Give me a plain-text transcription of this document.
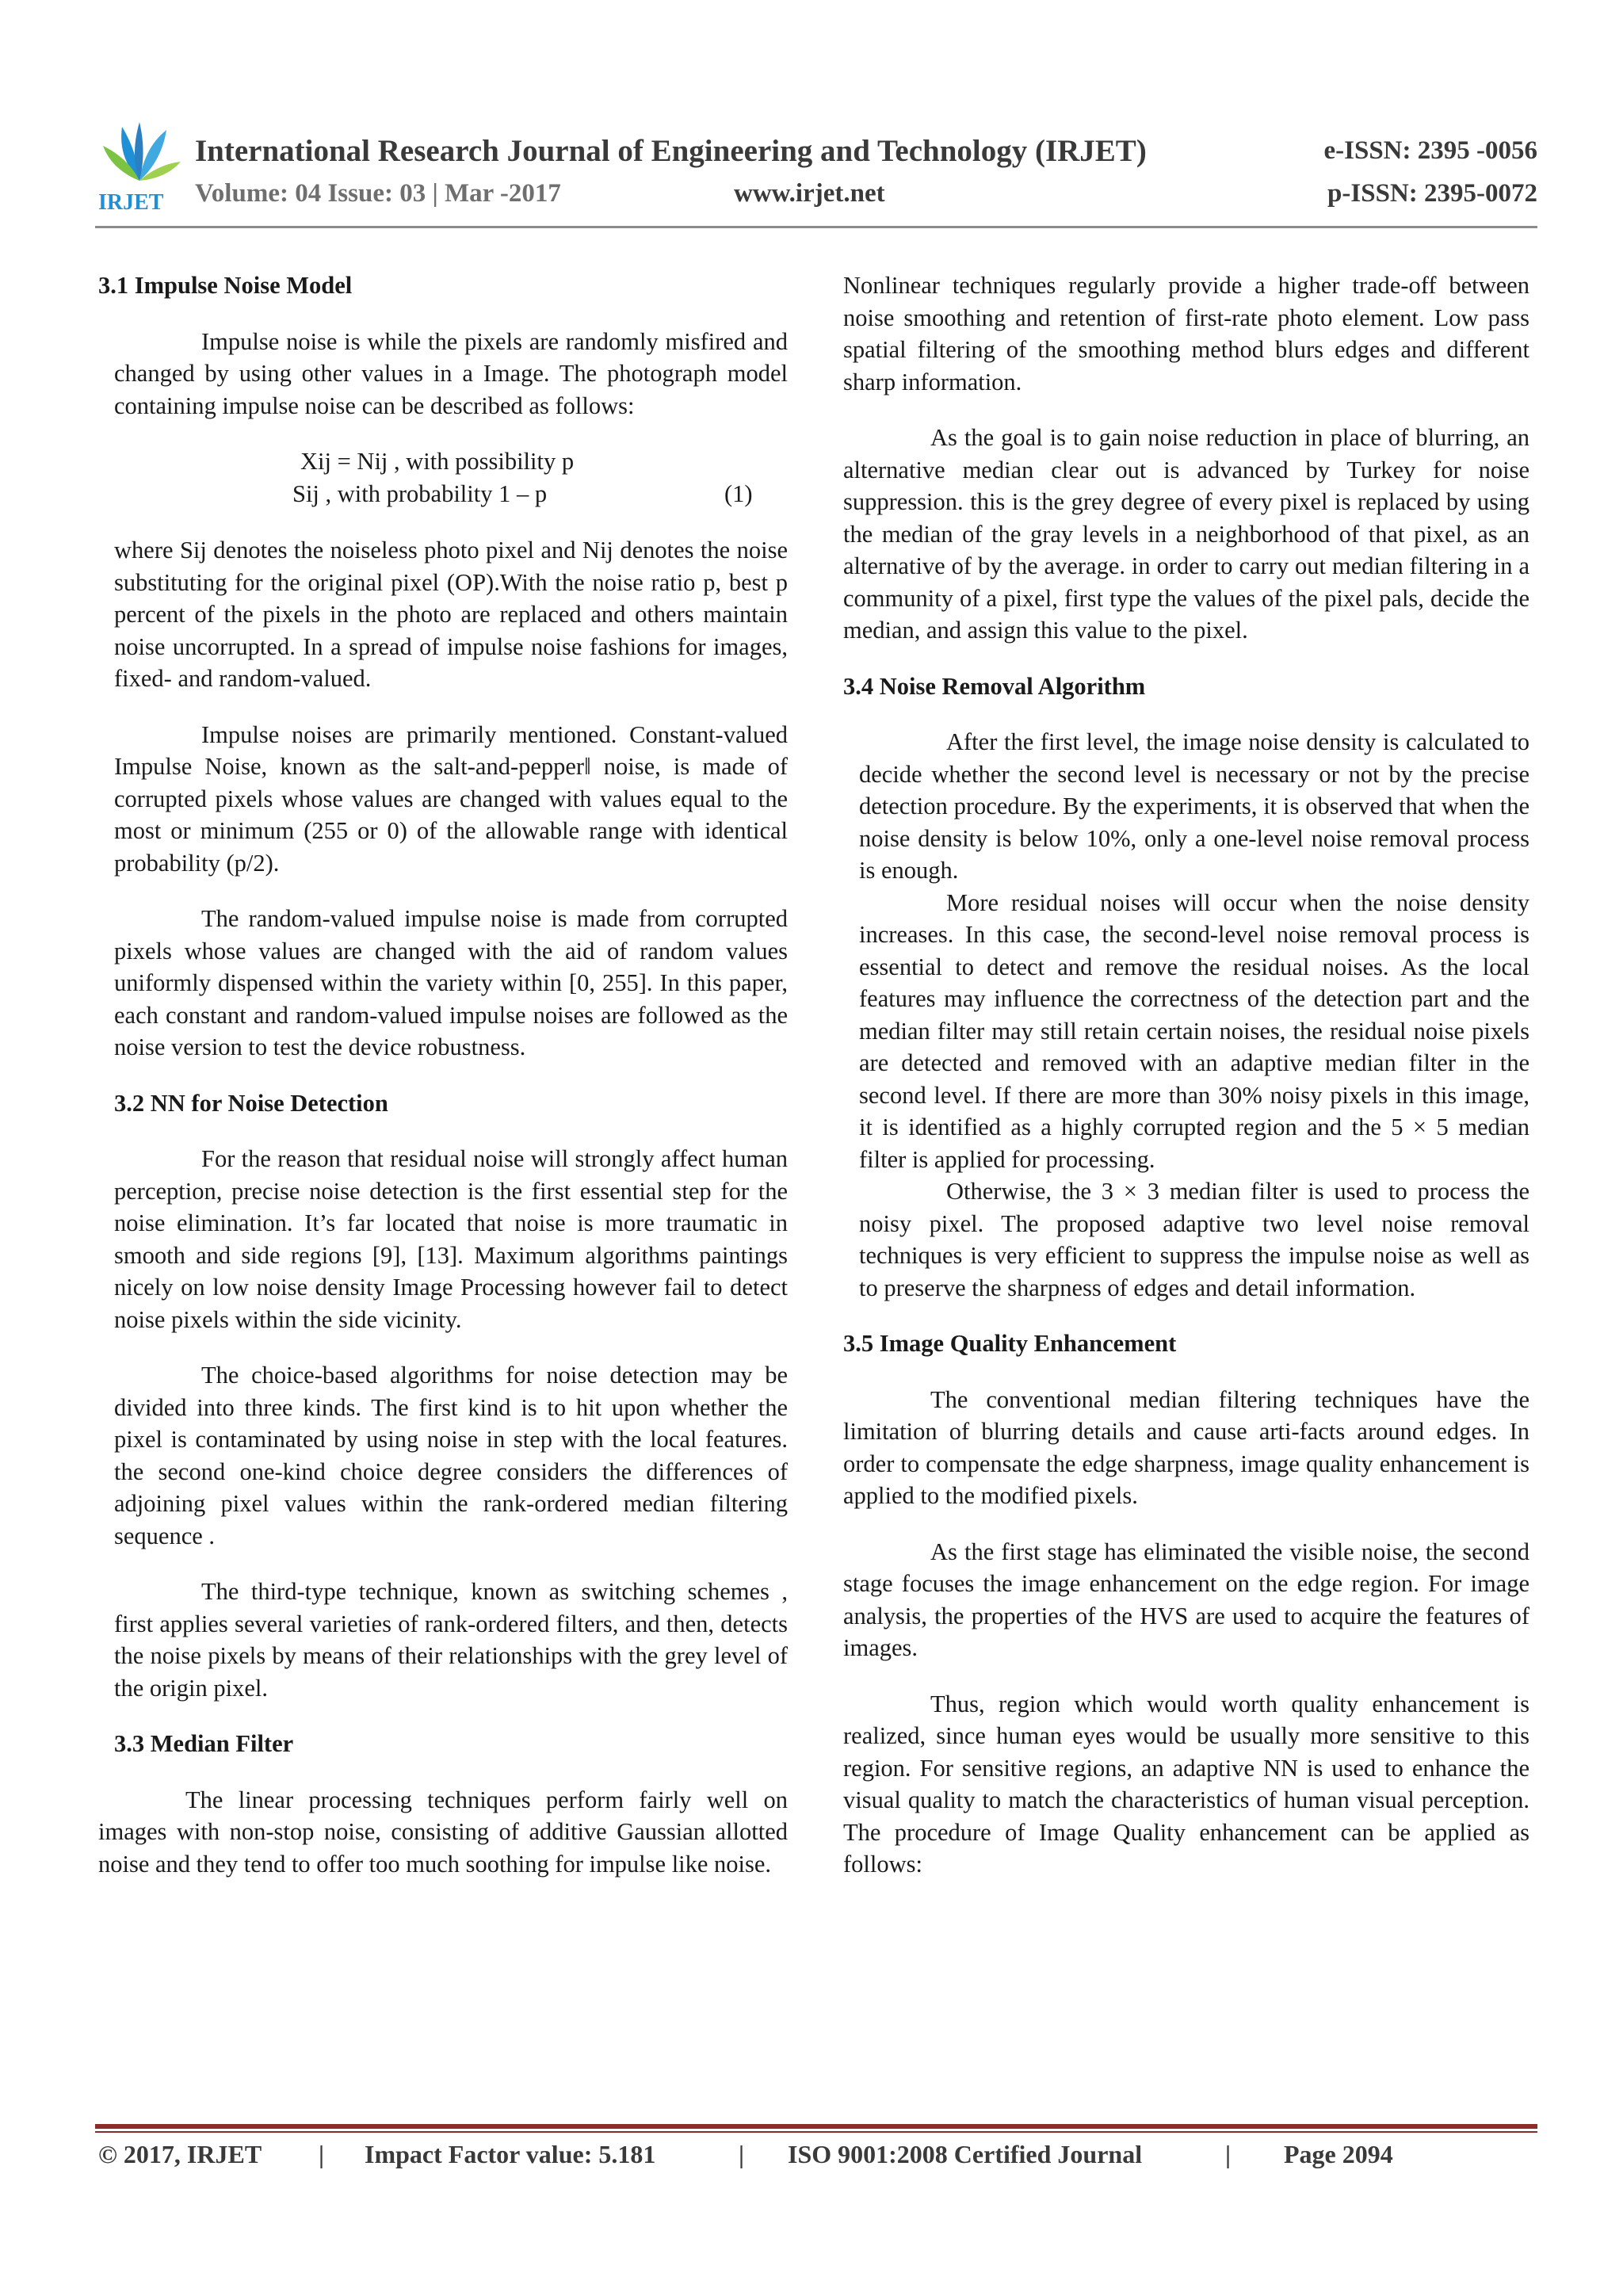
IRJET
International Research Journal of Engineering and Technology (IRJET)	e-ISSN: 2395 -0056
Volume: 04 Issue: 03 | Mar -2017	www.irjet.net	p-ISSN: 2395-0072
3.1 Impulse Noise Model

Impulse noise is while the pixels are randomly misfired and changed by using other values in a Image. The photograph model containing impulse noise can be described as follows:

Xij = Nij , with possibility p
Sij , with probability 1 – p	(1)

where Sij denotes the noiseless photo pixel and Nij denotes the noise substituting for the original pixel (OP).With the noise ratio p, best p percent of the pixels in the photo are replaced and others maintain noise uncorrupted. In a spread of impulse noise fashions for images, fixed- and random-valued.

Impulse noises are primarily mentioned. Constant-valued Impulse Noise, known as the salt-and-pepper‖ noise, is made of corrupted pixels whose values are changed with values equal to the most or minimum (255 or 0) of the allowable range with identical probability (p/2).

The random-valued impulse noise is made from corrupted pixels whose values are changed with the aid of random values uniformly dispensed within the variety within [0, 255]. In this paper, each constant and random-valued impulse noises are followed as the noise version to test the device robustness.

3.2 NN for Noise Detection

For the reason that residual noise will strongly affect human perception, precise noise detection is the first essential step for the noise elimination. It’s far located that noise is more traumatic in smooth and side regions [9], [13]. Maximum algorithms paintings nicely on low noise density Image Processing however fail to detect noise pixels within the side vicinity.

The choice-based algorithms for noise detection may be divided into three kinds. The first kind is to hit upon whether the pixel is contaminated by using noise in step with the local features. the second one-kind choice degree considers the differences of adjoining pixel values within the rank-ordered median filtering sequence .

The third-type technique, known as switching schemes , first applies several varieties of rank-ordered filters, and then, detects the noise pixels by means of their relationships with the grey level of the origin pixel.

3.3 Median Filter

The linear processing techniques perform fairly well on images with non-stop noise, consisting of additive Gaussian allotted noise and they tend to offer too much soothing for impulse like noise.

Nonlinear techniques regularly provide a higher trade-off between noise smoothing and retention of first-rate photo element. Low pass spatial filtering of the smoothing method blurs edges and different sharp information.

As the goal is to gain noise reduction in place of blurring, an alternative median clear out is advanced by Turkey for noise suppression. this is the grey degree of every pixel is replaced by using the median of the gray levels in a neighborhood of that pixel, as an alternative of by the average. in order to carry out median filtering in a community of a pixel, first type the values of the pixel pals, decide the median, and assign this value to the pixel.

3.4 Noise Removal Algorithm

After the first level, the image noise density is calculated to decide whether the second level is necessary or not by the precise detection procedure. By the experiments, it is observed that when the noise density is below 10%, only a one-level noise removal process is enough.

More residual noises will occur when the noise density increases. In this case, the second-level noise removal process is essential to detect and remove the residual noises. As the local features may influence the correctness of the detection part and the median filter may still retain certain noises, the residual noise pixels are detected and removed with an adaptive median filter in the second level. If there are more than 30% noisy pixels in this image, it is identified as a highly corrupted region and the 5 × 5 median filter is applied for processing.

Otherwise, the 3 × 3 median filter is used to process the noisy pixel. The proposed adaptive two level noise removal techniques is very efficient to suppress the impulse noise as well as to preserve the sharpness of edges and detail information.

3.5 Image Quality Enhancement

The conventional median filtering techniques have the limitation of blurring details and cause arti-facts around edges. In order to compensate the edge sharpness, image quality enhancement is applied to the modified pixels.

As the first stage has eliminated the visible noise, the second stage focuses the image enhancement on the edge region. For image analysis, the properties of the HVS are used to acquire the features of images.

Thus, region which would worth quality enhancement is realized, since human eyes would be usually more sensitive to this region. For sensitive regions, an adaptive NN is used to enhance the visual quality to match the characteristics of human visual perception. The procedure of Image Quality enhancement can be applied as follows:

© 2017, IRJET | Impact Factor value: 5.181	| ISO 9001:2008 Certified Journal	| Page 2094
